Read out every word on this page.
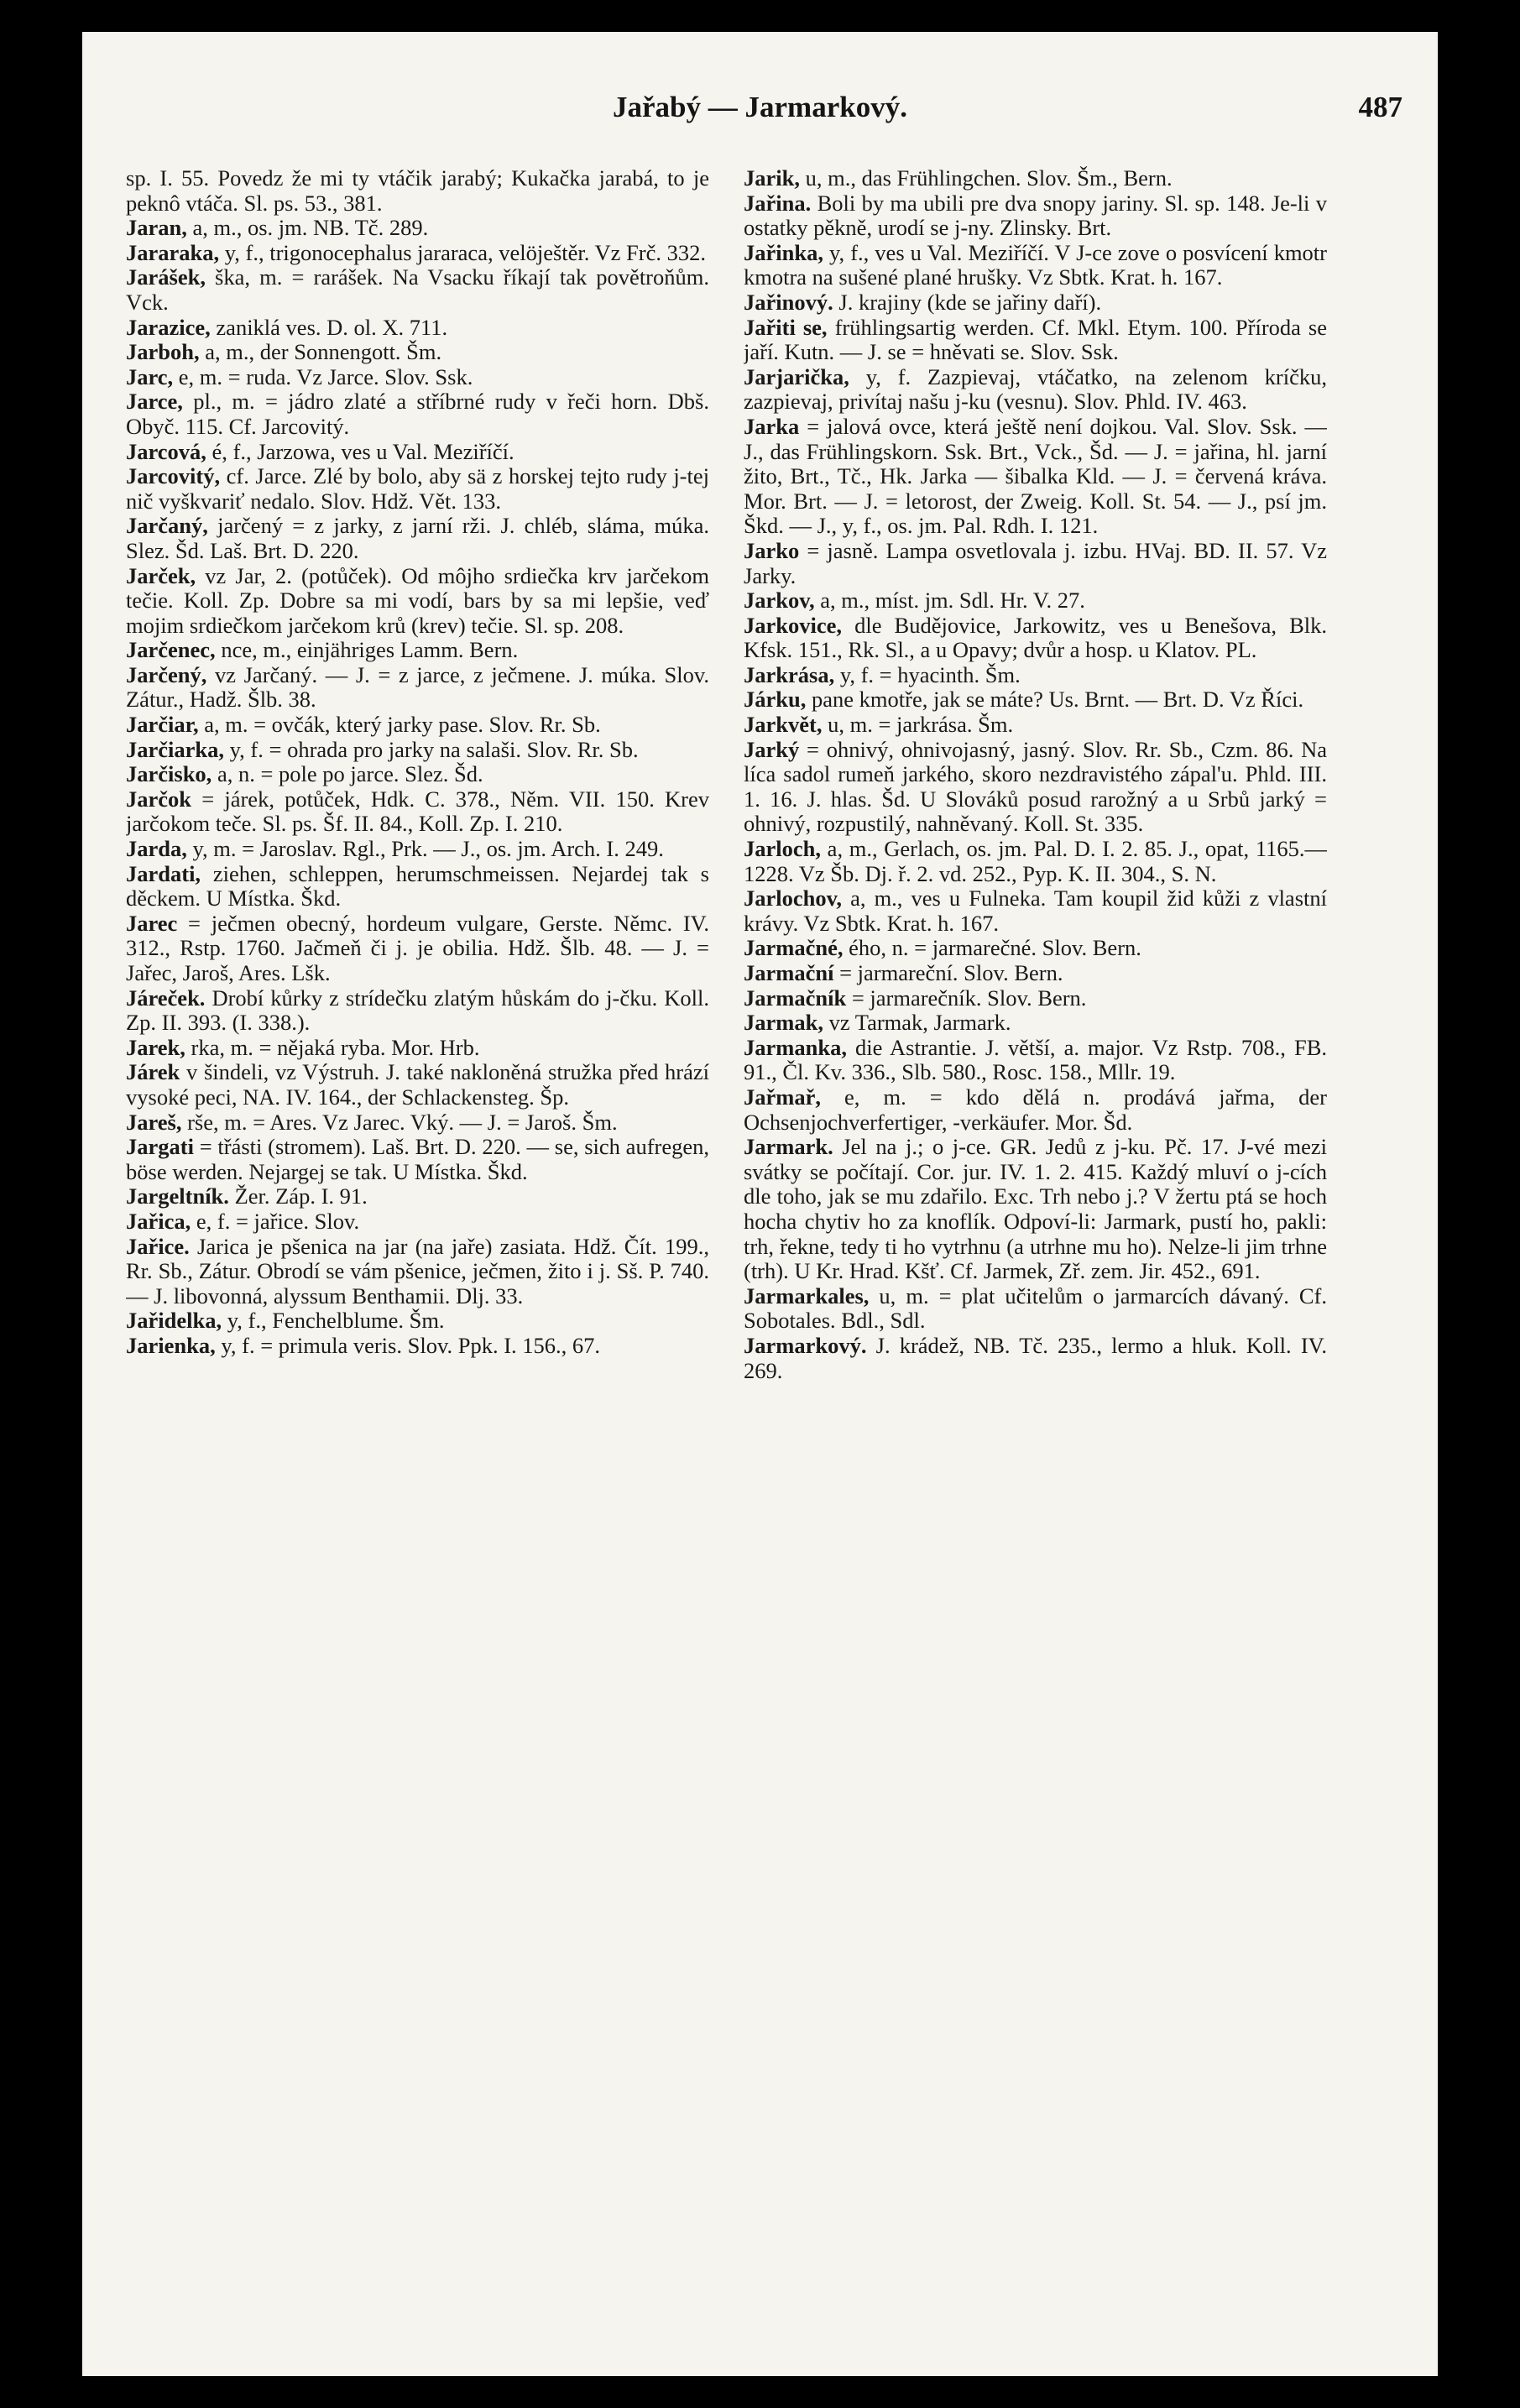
Jařabý — Jarmarkový.	487

sp. I. 55. Povedz že mi ty vtáčik jarabý; Kukačka jarabá, to je peknô vtáča. Sl. ps. 53., 381.

Jaran, a, m., os. jm. NB. Tč. 289.

Jararaka, y, f., trigonocephalus jararaca, velöještěr. Vz Frč. 332.

Jarášek, ška, m. = rarášek. Na Vsacku říkají tak povětroňům. Vck.

Jarazice, zaniklá ves. D. ol. X. 711.

Jarboh, a, m., der Sonnengott. Šm.

Jarc, e, m. = ruda. Vz Jarce. Slov. Ssk.

Jarce, pl., m. = jádro zlaté a stříbrné rudy v řeči horn. Dbš. Obyč. 115. Cf. Jarcovitý.

Jarcová, é, f., Jarzowa, ves u Val. Meziříčí.

Jarcovitý, cf. Jarce. Zlé by bolo, aby sä z horskej tejto rudy j-tej nič vyškvariť nedalo. Slov. Hdž. Vět. 133.

Jarčaný, jarčený = z jarky, z jarní rži. J. chléb, sláma, múka. Slez. Šd. Laš. Brt. D. 220.

Jarček, vz Jar, 2. (potůček). Od môjho srdiečka krv jarčekom tečie. Koll. Zp. Dobre sa mi vodí, bars by sa mi lepšie, veď mojim srdiečkom jarčekom krů (krev) tečie. Sl. sp. 208.

Jarčenec, nce, m., einjähriges Lamm. Bern.

Jarčený, vz Jarčaný. — J. = z jarce, z ječmene. J. múka. Slov. Zátur., Hadž. Šlb. 38.

Jarčiar, a, m. = ovčák, který jarky pase. Slov. Rr. Sb.

Jarčiarka, y, f. = ohrada pro jarky na salaši. Slov. Rr. Sb.

Jarčisko, a, n. = pole po jarce. Slez. Šd.

Jarčok = járek, potůček, Hdk. C. 378., Něm. VII. 150. Krev jarčokom teče. Sl. ps. Šf. II. 84., Koll. Zp. I. 210.

Jarda, y, m. = Jaroslav. Rgl., Prk. — J., os. jm. Arch. I. 249.

Jardati, ziehen, schleppen, herumschmeissen. Nejardej tak s děckem. U Místka. Škd.

Jarec = ječmen obecný, hordeum vulgare, Gerste. Němc. IV. 312., Rstp. 1760. Jačmeň či j. je obilia. Hdž. Šlb. 48. — J. = Jařec, Jaroš, Ares. Lšk.

Járeček. Drobí kůrky z strídečku zlatým hůskám do j-čku. Koll. Zp. II. 393. (I. 338.).

Jarek, rka, m. = nějaká ryba. Mor. Hrb.

Járek v šindeli, vz Výstruh. J. také nakloněná stružka před hrází vysoké peci, NA. IV. 164., der Schlackensteg. Šp.

Jareš, rše, m. = Ares. Vz Jarec. Vký. — J. = Jaroš. Šm.

Jargati = třásti (stromem). Laš. Brt. D. 220. — se, sich aufregen, böse werden. Nejargej se tak. U Místka. Škd.

Jargeltník. Žer. Záp. I. 91.

Jařica, e, f. = jařice. Slov.

Jařice. Jarica je pšenica na jar (na jaře) zasiata. Hdž. Čít. 199., Rr. Sb., Zátur. Obrodí se vám pšenice, ječmen, žito i j. Sš. P. 740. — J. libovonná, alyssum Benthamii. Dlj. 33.

Jařidelka, y, f., Fenchelblume. Šm.

Jarienka, y, f. = primula veris. Slov. Ppk. I. 156., 67.

Jarik, u, m., das Frühlingchen. Slov. Šm., Bern.

Jařina. Boli by ma ubili pre dva snopy jariny. Sl. sp. 148. Je-li v ostatky pěkně, urodí se j-ny. Zlinsky. Brt.

Jařinka, y, f., ves u Val. Meziříčí. V J-ce zove o posvícení kmotr kmotra na sušené plané hrušky. Vz Sbtk. Krat. h. 167.

Jařinový. J. krajiny (kde se jařiny daří).

Jařiti se, frühlingsartig werden. Cf. Mkl. Etym. 100. Příroda se jaří. Kutn. — J. se = hněvati se. Slov. Ssk.

Jarjarička, y, f. Zazpievaj, vtáčatko, na zelenom kríčku, zazpievaj, privítaj našu j-ku (vesnu). Slov. Phld. IV. 463.

Jarka = jalová ovce, která ještě není dojkou. Val. Slov. Ssk. — J., das Frühlingskorn. Ssk. Brt., Vck., Šd. — J. = jařina, hl. jarní žito, Brt., Tč., Hk. Jarka — šibalka Kld. — J. = červená kráva. Mor. Brt. — J. = letorost, der Zweig. Koll. St. 54. — J., psí jm. Škd. — J., y, f., os. jm. Pal. Rdh. I. 121.

Jarko = jasně. Lampa osvetlovala j. izbu. HVaj. BD. II. 57. Vz Jarky.

Jarkov, a, m., míst. jm. Sdl. Hr. V. 27.

Jarkovice, dle Budějovice, Jarkowitz, ves u Benešova, Blk. Kfsk. 151., Rk. Sl., a u Opavy; dvůr a hosp. u Klatov. PL.

Jarkrása, y, f. = hyacinth. Šm.

Járku, pane kmotře, jak se máte? Us. Brnt. — Brt. D. Vz Říci.

Jarkvět, u, m. = jarkrása. Šm.

Jarký = ohnivý, ohnivojasný, jasný. Slov. Rr. Sb., Czm. 86. Na líca sadol rumeň jarkého, skoro nezdravistého zápal'u. Phld. III. 1. 16. J. hlas. Šd. U Slováků posud rarožný a u Srbů jarký = ohnivý, rozpustilý, nahněvaný. Koll. St. 335.

Jarloch, a, m., Gerlach, os. jm. Pal. D. I. 2. 85. J., opat, 1165.—1228. Vz Šb. Dj. ř. 2. vd. 252., Pyp. K. II. 304., S. N.

Jarlochov, a, m., ves u Fulneka. Tam koupil žid kůži z vlastní krávy. Vz Sbtk. Krat. h. 167.

Jarmačné, ého, n. = jarmarečné. Slov. Bern.

Jarmační = jarmareční. Slov. Bern.

Jarmačník = jarmarečník. Slov. Bern.

Jarmak, vz Tarmak, Jarmark.

Jarmanka, die Astrantie. J. větší, a. major. Vz Rstp. 708., FB. 91., Čl. Kv. 336., Slb. 580., Rosc. 158., Mllr. 19.

Jařmař, e, m. = kdo dělá n. prodává jařma, der Ochsenjochverfertiger, -verkäufer. Mor. Šd.

Jarmark. Jel na j.; o j-ce. GR. Jedů z j-ku. Pč. 17. J-vé mezi svátky se počítají. Cor. jur. IV. 1. 2. 415. Každý mluví o j-cích dle toho, jak se mu zdařilo. Exc. Trh nebo j.? V žertu ptá se hoch hocha chytiv ho za knoflík. Odpoví-li: Jarmark, pustí ho, pakli: trh, řekne, tedy ti ho vytrhnu (a utrhne mu ho). Nelze-li jim trhne (trh). U Kr. Hrad. Kšť. Cf. Jarmek, Zř. zem. Jir. 452., 691.

Jarmarkales, u, m. = plat učitelům o jarmarcích dávaný. Cf. Sobotales. Bdl., Sdl.

Jarmarkový. J. krádež, NB. Tč. 235., lermo a hluk. Koll. IV. 269.
